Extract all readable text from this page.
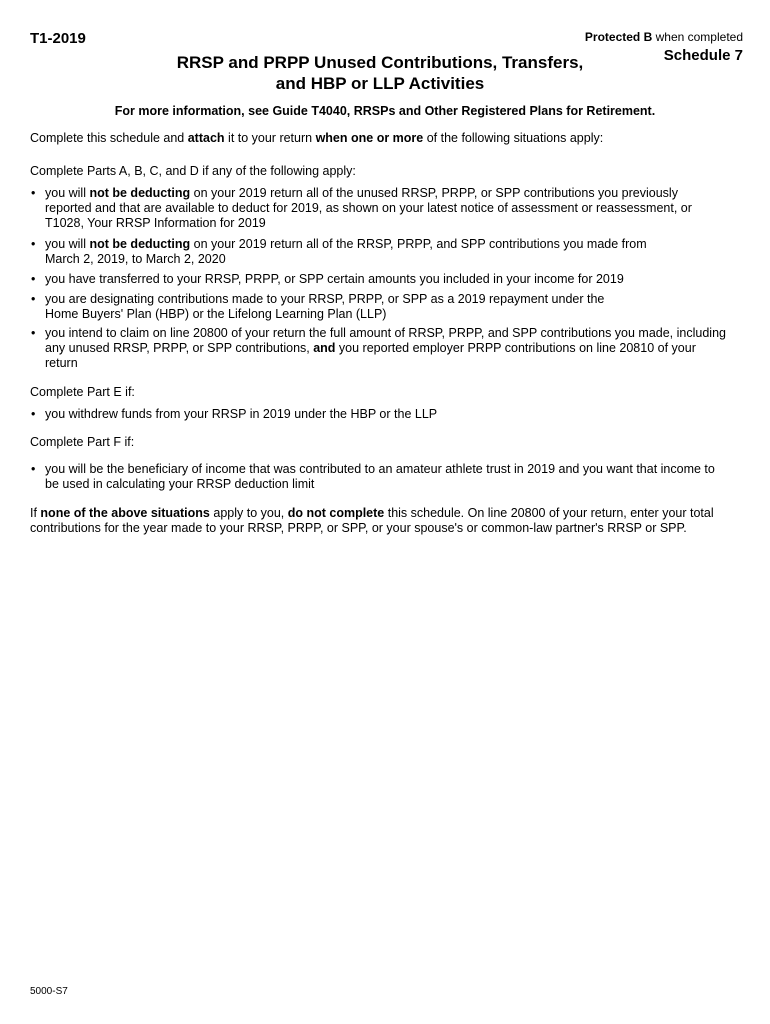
T1-2019	Protected B when completed
Schedule 7
RRSP and PRPP Unused Contributions, Transfers,
and HBP or LLP Activities
For more information, see Guide T4040, RRSPs and Other Registered Plans for Retirement.
Complete this schedule and attach it to your return when one or more of the following situations apply:
Complete Parts A, B, C, and D if any of the following apply:
• you will not be deducting on your 2019 return all of the unused RRSP, PRPP, or SPP contributions you previously
reported and that are available to deduct for 2019, as shown on your latest notice of assessment or reassessment, or
T1028, Your RRSP Information for 2019
• you will not be deducting on your 2019 return all of the RRSP, PRPP, and SPP contributions you made from
March 2, 2019, to March 2, 2020
• you have transferred to your RRSP, PRPP, or SPP certain amounts you included in your income for 2019
• you are designating contributions made to your RRSP, PRPP, or SPP as a 2019 repayment under the
Home Buyers' Plan (HBP) or the Lifelong Learning Plan (LLP)
• you intend to claim on line 20800 of your return the full amount of RRSP, PRPP, and SPP contributions you made, including
any unused RRSP, PRPP, or SPP contributions, and you reported employer PRPP contributions on line 20810 of your
return
Complete Part E if:
• you withdrew funds from your RRSP in 2019 under the HBP or the LLP
Complete Part F if:
• you will be the beneficiary of income that was contributed to an amateur athlete trust in 2019 and you want that income to
be used in calculating your RRSP deduction limit
If none of the above situations apply to you, do not complete this schedule. On line 20800 of your return, enter your total
contributions for the year made to your RRSP, PRPP, or SPP, or your spouse's or common-law partner's RRSP or SPP.
5000-S7
